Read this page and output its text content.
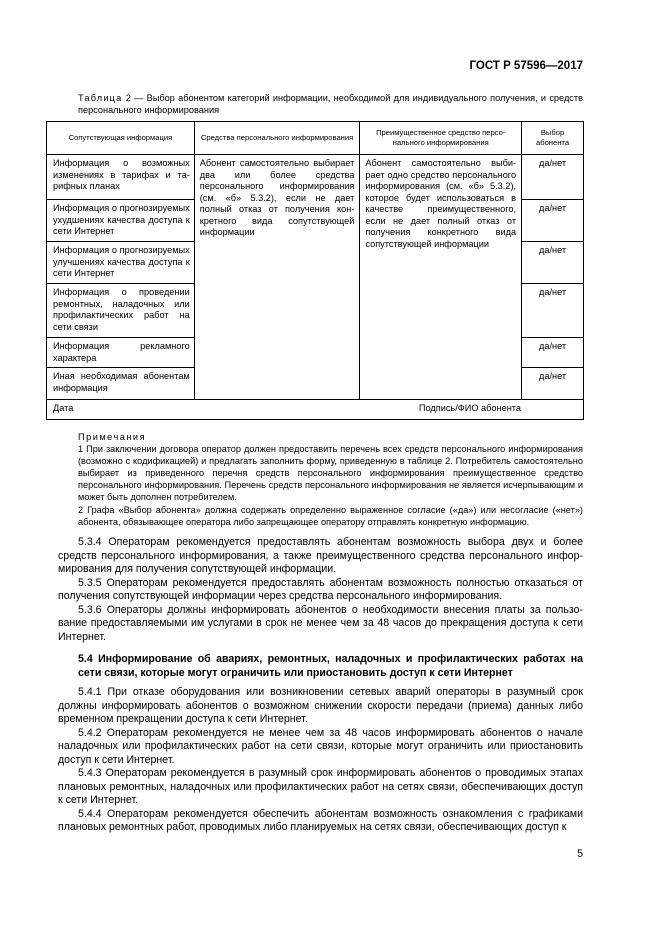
ГОСТ Р 57596—2017
Таблица 2 — Выбор абонентом категорий информации, необходимой для индивидуального получения, и средств персонального информирования
Сопутствующая информация	Средства персонального информирования	Преимущественное средство персонального информирования	Выбор абонента
Информация о возможных изменениях в тарифах и тарифных планах	Абонент самостоятельно выбирает два или более средства персонального информирования (см. «б» 5.3.2), если не дает полный отказ от получения конкретного вида сопутствующей информации	Абонент самостоятельно выбирает одно средство персонального информирования (см. «б» 5.3.2), которое будет использоваться в качестве преимущественного, если не дает полный отказ от получения конкретного вида сопутствующей информации	да/нет
Информация о прогнозируемых ухудшениях качества доступа к сети Интернет			да/нет
Информация о прогнозируемых улучшениях качества доступа к сети Интернет			да/нет
Информация о проведении ремонтных, наладочных или профилактических работ на сети связи			да/нет
Информация рекламного характера			да/нет
Иная необходимая абонентам информация			да/нет
Дата		Подпись/ФИО абонента	

Примечания

1 При заключении договора оператор должен предоставить перечень всех средств персонального информирования (возможно с кодификацией) и предлагать заполнить форму, приведенную в таблице 2. Потребитель самостоятельно выбирает из приведенного перечня средств персонального информирования преимущественное средство персонального информирования. Перечень средств персонального информирования не является исчерпывающим и может быть дополнен потребителем.

2 Графа «Выбор абонента» должна содержать определенно выраженное согласие («да») или несогласие («нет») абонента, обязывающее оператора либо запрещающее оператору отправлять конкретную информацию.

5.3.4 Операторам рекомендуется предоставлять абонентам возможность выбора двух и более средств персонального информирования, а также преимущественного средства персонального информирования для получения сопутствующей информации.

5.3.5 Операторам рекомендуется предоставлять абонентам возможность полностью отказаться от получения сопутствующей информации через средства персонального информирования.

5.3.6 Операторы должны информировать абонентов о необходимости внесения платы за пользование предоставляемыми им услугами в срок не менее чем за 48 часов до прекращения доступа к сети Интернет.

5.4 Информирование об авариях, ремонтных, наладочных и профилактических работах на сети связи, которые могут ограничить или приостановить доступ к сети Интернет

5.4.1 При отказе оборудования или возникновении сетевых аварий операторы в разумный срок должны информировать абонентов о возможном снижении скорости передачи (приема) данных либо временном прекращении доступа к сети Интернет.

5.4.2 Операторам рекомендуется не менее чем за 48 часов информировать абонентов о начале наладочных или профилактических работ на сети связи, которые могут ограничить или приостановить доступ к сети Интернет.

5.4.3 Операторам рекомендуется в разумный срок информировать абонентов о проводимых этапах плановых ремонтных, наладочных или профилактических работ на сетях связи, обеспечивающих доступ к сети Интернет.

5.4.4 Операторам рекомендуется обеспечить абонентам возможность ознакомления с графиками плановых ремонтных работ, проводимых либо планируемых на сетях связи, обеспечивающих доступ к

5
